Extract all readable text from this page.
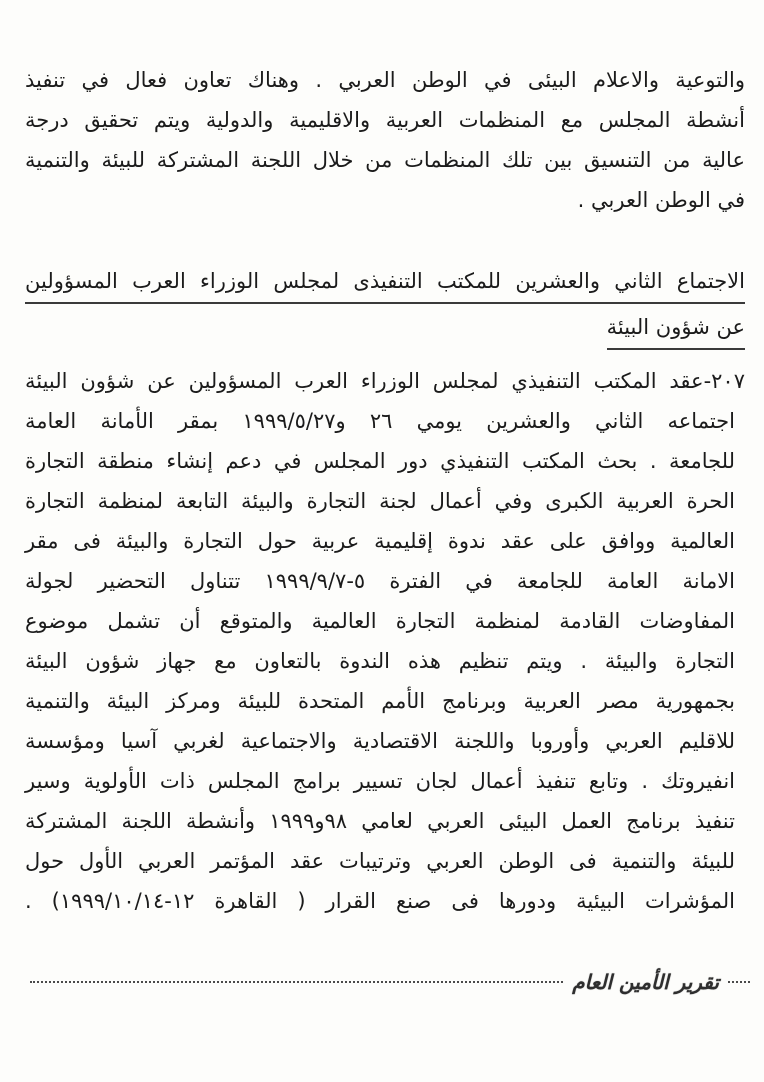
والتوعية والاعلام البيئى في الوطن العربي . وهناك تعاون فعال في تنفيذ
أنشطة المجلس مع المنظمات العربية والاقليمية والدولية ويتم تحقيق درجة
عالية من التنسيق بين تلك المنظمات من خلال اللجنة المشتركة للبيئة والتنمية
في الوطن العربي .
الاجتماع الثاني والعشرين للمكتب التنفيذى لمجلس الوزراء العرب المسؤولين
عن شؤون البيئة
٢٠٧-عقد المكتب التنفيذي لمجلس الوزراء العرب المسؤولين عن شؤون البيئة
اجتماعه الثاني والعشرين يومي ٢٦ و١٩٩٩/٥/٢٧ بمقر الأمانة العامة
للجامعة . بحث المكتب التنفيذي دور المجلس في دعم إنشاء منطقة التجارة
الحرة العربية الكبرى وفي أعمال لجنة التجارة والبيئة التابعة لمنظمة التجارة
العالمية ووافق على عقد ندوة إقليمية عربية حول التجارة والبيئة فى مقر
الامانة العامة للجامعة في الفترة ٥-١٩٩٩/٩/٧ تتناول التحضير لجولة
المفاوضات القادمة لمنظمة التجارة العالمية والمتوقع أن تشمل موضوع
التجارة والبيئة . ويتم تنظيم هذه الندوة بالتعاون مع جهاز شؤون البيئة
بجمهورية مصر العربية وبرنامج الأمم المتحدة للبيئة ومركز البيئة والتنمية
للاقليم العربي وأوروبا واللجنة الاقتصادية والاجتماعية لغربي آسيا ومؤسسة
انفيروتك . وتابع تنفيذ أعمال لجان تسيير برامج المجلس ذات الأولوية وسير
تنفيذ برنامج العمل البيئى العربي لعامي ٩٨و١٩٩٩ وأنشطة اللجنة المشتركة
للبيئة والتنمية فى الوطن العربي وترتيبات عقد المؤتمر العربي الأول حول
المؤشرات البيئية ودورها فى صنع القرار ( القاهرة ١٢-١٩٩٩/١٠/١٤) .
تقرير الأمين العام
